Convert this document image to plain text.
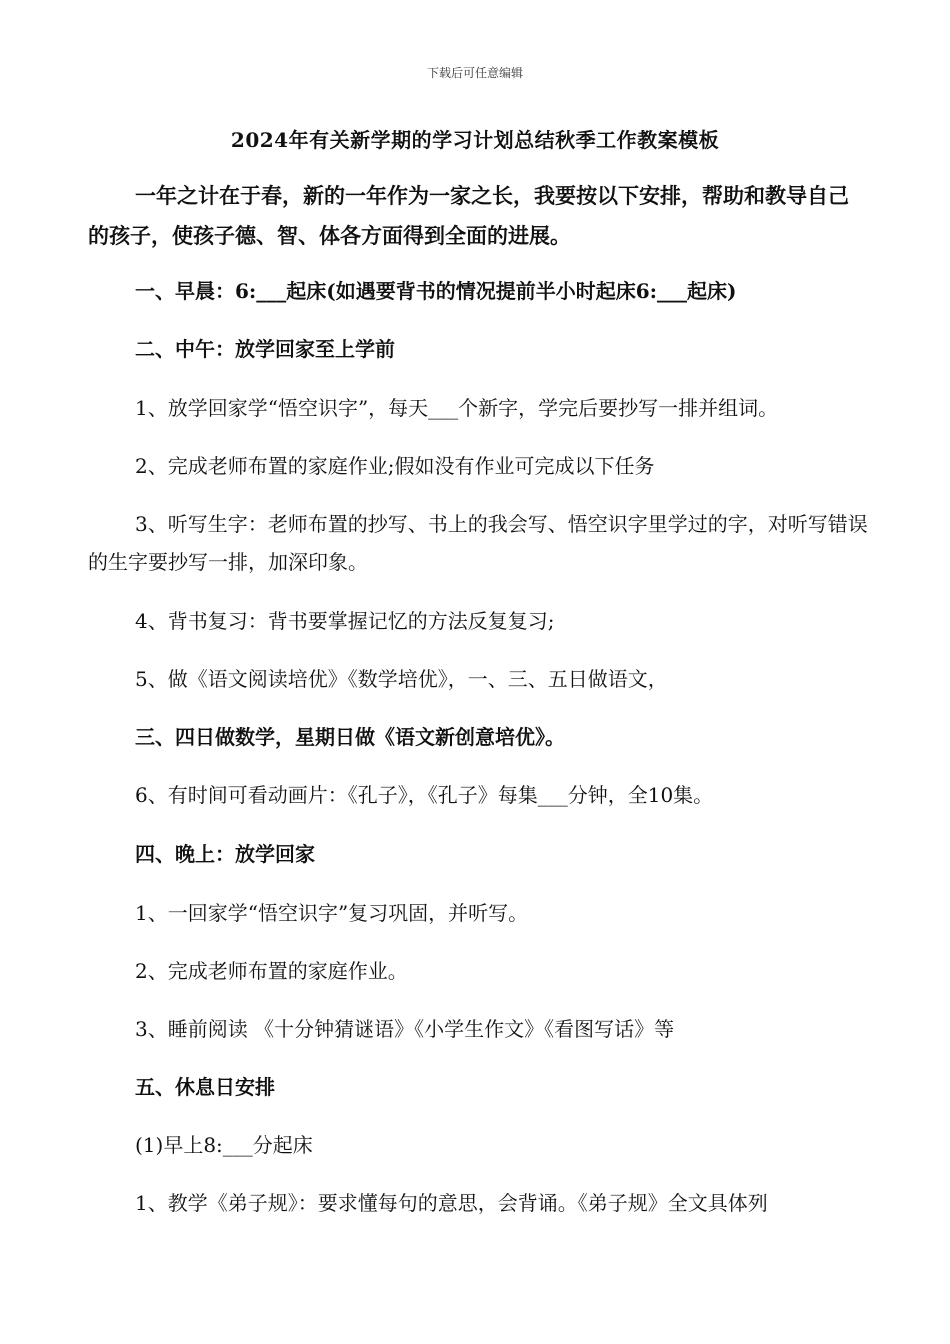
下载后可任意编辑
2024年有关新学期的学习计划总结秋季工作教案模板
一年之计在于春，新的一年作为一家之长，我要按以下安排，帮助和教导自己的孩子，使孩子德、智、体各方面得到全面的进展。
一、早晨：6:___起床(如遇要背书的情况提前半小时起床6:___起床)
二、中午：放学回家至上学前
1、放学回家学“悟空识字”，每天___个新字，学完后要抄写一排并组词。
2、完成老师布置的家庭作业;假如没有作业可完成以下任务
3、听写生字：老师布置的抄写、书上的我会写、悟空识字里学过的字，对听写错误的生字要抄写一排，加深印象。
4、背书复习：背书要掌握记忆的方法反复复习;
5、做《语文阅读培优》《数学培优》，一、三、五日做语文，
三、四日做数学，星期日做《语文新创意培优》。
6、有时间可看动画片：《孔子》，《孔子》每集___分钟，全10集。
四、晚上：放学回家
1、一回家学“悟空识字”复习巩固，并听写。
2、完成老师布置的家庭作业。
3、睡前阅读 《十分钟猜谜语》《小学生作文》《看图写话》等
五、休息日安排
(1)早上8:___分起床
1、教学《弟子规》：要求懂每句的意思，会背诵。《弟子规》全文具体列
